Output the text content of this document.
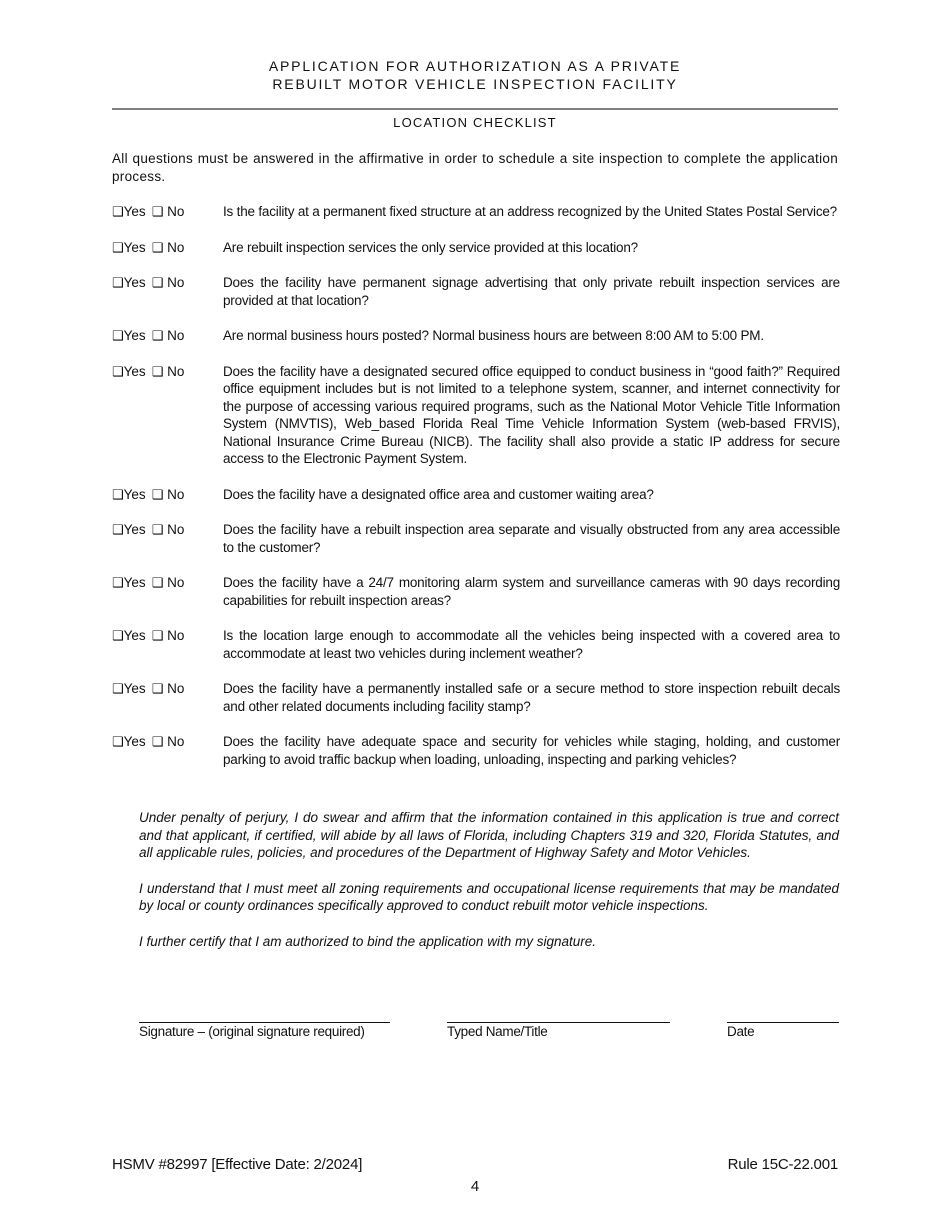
APPLICATION FOR AUTHORIZATION AS A PRIVATE
REBUILT MOTOR VEHICLE INSPECTION FACILITY
LOCATION CHECKLIST
All questions must be answered in the affirmative in order to schedule a site inspection to complete the application process.
❑Yes ❑ No	Is the facility at a permanent fixed structure at an address recognized by the United States Postal Service?
❑Yes ❑ No	Are rebuilt inspection services the only service provided at this location?
❑Yes ❑ No	Does the facility have permanent signage advertising that only private rebuilt inspection services are provided at that location?
❑Yes ❑ No	Are normal business hours posted? Normal business hours are between 8:00 AM to 5:00 PM.
❑Yes ❑ No	Does the facility have a designated secured office equipped to conduct business in “good faith?” Required office equipment includes but is not limited to a telephone system, scanner, and internet connectivity for the purpose of accessing various required programs, such as the National Motor Vehicle Title Information System (NMVTIS), Web_based Florida Real Time Vehicle Information System (web-based FRVIS), National Insurance Crime Bureau (NICB). The facility shall also provide a static IP address for secure access to the Electronic Payment System.
❑Yes ❑ No	Does the facility have a designated office area and customer waiting area?
❑Yes ❑ No	Does the facility have a rebuilt inspection area separate and visually obstructed from any area accessible to the customer?
❑Yes ❑ No	Does the facility have a 24/7 monitoring alarm system and surveillance cameras with 90 days recording capabilities for rebuilt inspection areas?
❑Yes ❑ No	Is the location large enough to accommodate all the vehicles being inspected with a covered area to accommodate at least two vehicles during inclement weather?
❑Yes ❑ No	Does the facility have a permanently installed safe or a secure method to store inspection rebuilt decals and other related documents including facility stamp?
❑Yes ❑ No	Does the facility have adequate space and security for vehicles while staging, holding, and customer parking to avoid traffic backup when loading, unloading, inspecting and parking vehicles?

Under penalty of perjury, I do swear and affirm that the information contained in this application is true and correct and that applicant, if certified, will abide by all laws of Florida, including Chapters 319 and 320, Florida Statutes, and all applicable rules, policies, and procedures of the Department of Highway Safety and Motor Vehicles.

I understand that I must meet all zoning requirements and occupational license requirements that may be mandated by local or county ordinances specifically approved to conduct rebuilt motor vehicle inspections.

I further certify that I am authorized to bind the application with my signature.

Signature – (original signature required)	Typed Name/Title	Date
HSMV #82997 [Effective Date: 2/2024]	Rule 15C-22.001
4
